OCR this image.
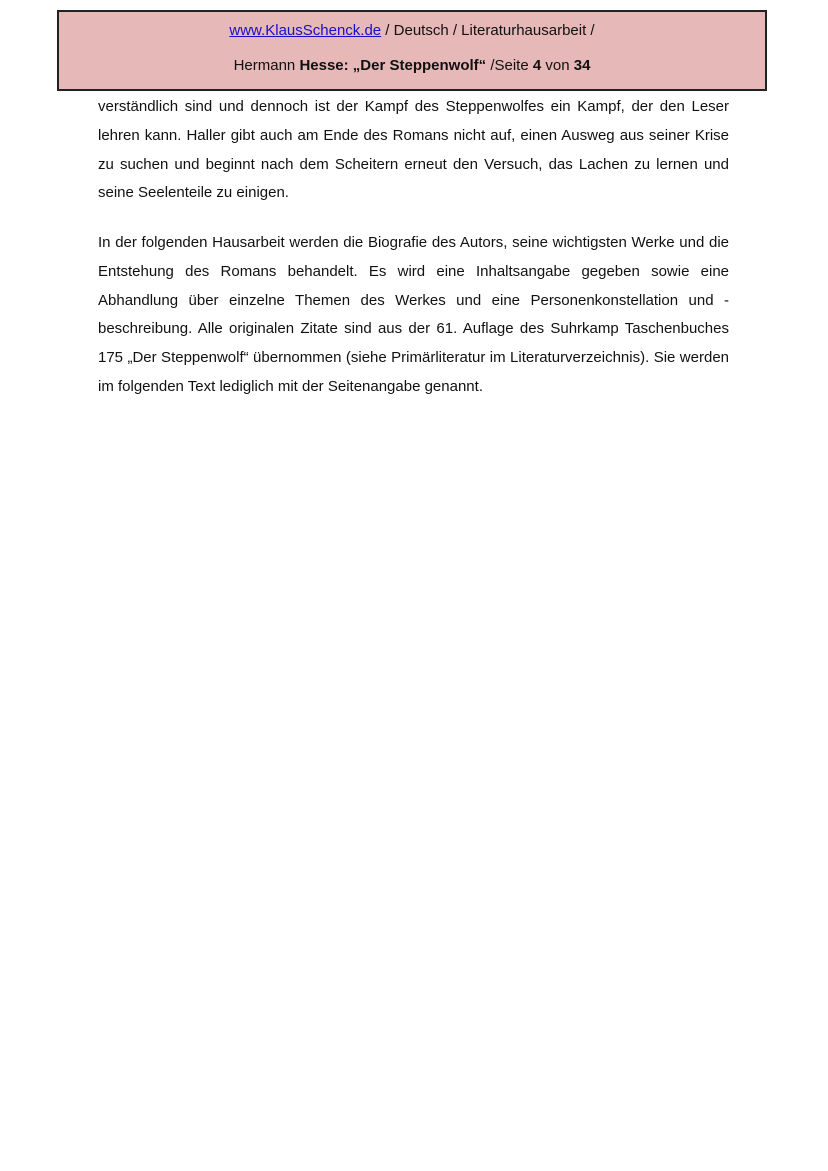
www.KlausSchenck.de / Deutsch / Literaturhausarbeit /
Hermann Hesse: „Der Steppenwolf“ /Seite 4 von 34

verständlich sind und dennoch ist der Kampf des Steppenwolfes ein Kampf, der den Leser lehren kann. Haller gibt auch am Ende des Romans nicht auf, einen Ausweg aus seiner Krise zu suchen und beginnt nach dem Scheitern erneut den Versuch, das Lachen zu lernen und seine Seelenteile zu einigen.

In der folgenden Hausarbeit werden die Biografie des Autors, seine wichtigsten Werke und die Entstehung des Romans behandelt. Es wird eine Inhaltsangabe gegeben sowie eine Abhandlung über einzelne Themen des Werkes und eine Personenkonstellation und -beschreibung. Alle originalen Zitate sind aus der 61. Auflage des Suhrkamp Taschenbuches 175 „Der Steppenwolf“ übernommen (siehe Primärliteratur im Literaturverzeichnis). Sie werden im folgenden Text lediglich mit der Seitenangabe genannt.
